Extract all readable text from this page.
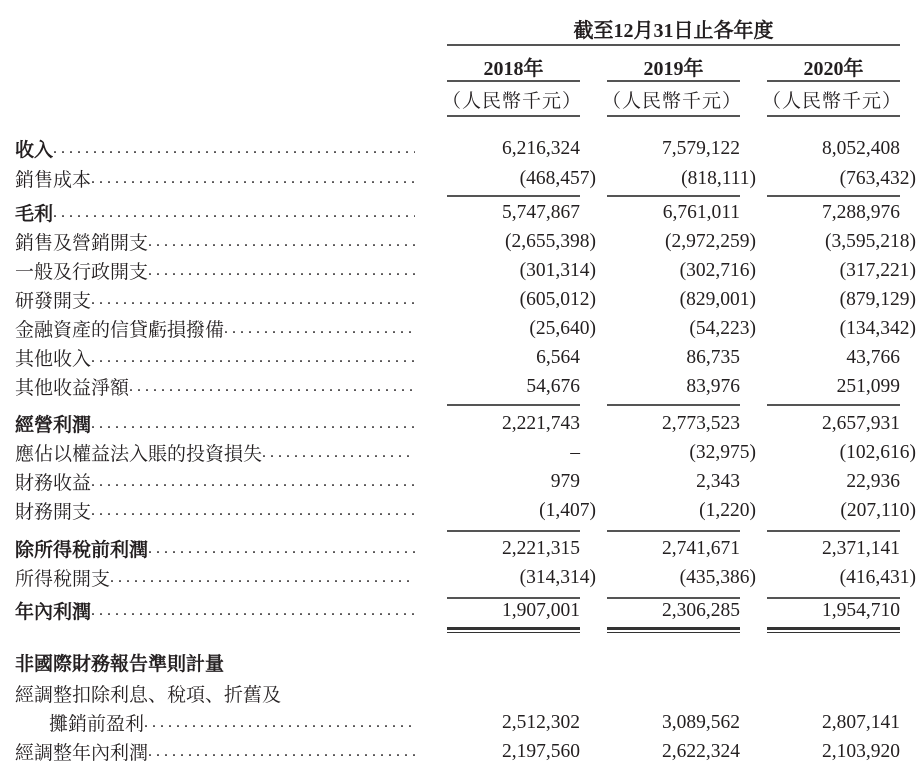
截至12月31日止各年度
2018年	2019年	2020年
（人民幣千元） （人民幣千元） （人民幣千元）
收入 . . .	6,216,324	7,579,122	8,052,408
銷售成本 . . .	(468,457)	(818,111)	(763,432)
毛利 . . .	5,747,867	6,761,011	7,288,976
銷售及營銷開支 . . .	(2,655,398)	(2,972,259)	(3,595,218)
一般及行政開支 . . .	(301,314)	(302,716)	(317,221)
研發開支 . . .	(605,012)	(829,001)	(879,129)
金融資產的信貸虧損撥備 . . .	(25,640)	(54,223)	(134,342)
其他收入 . . .	6,564	86,735	43,766
其他收益淨額 . . .	54,676	83,976	251,099
經營利潤 . . .	2,221,743	2,773,523	2,657,931
應佔以權益法入賬的投資損失 . . .	–	(32,975)	(102,616)
財務收益 . . .	979	2,343	22,936
財務開支 . . .	(1,407)	(1,220)	(207,110)
除所得稅前利潤 . . .	2,221,315	2,741,671	2,371,141
所得稅開支 . . .	(314,314)	(435,386)	(416,431)
年內利潤 . . .	1,907,001	2,306,285	1,954,710
攤銷前盈利 . . .	2,512,302	3,089,562	2,807,141
經調整年內利潤 . . .	2,197,560	2,622,324	2,103,920
非國際財務報告準則計量
經調整扣除利息、稅項、折舊及
